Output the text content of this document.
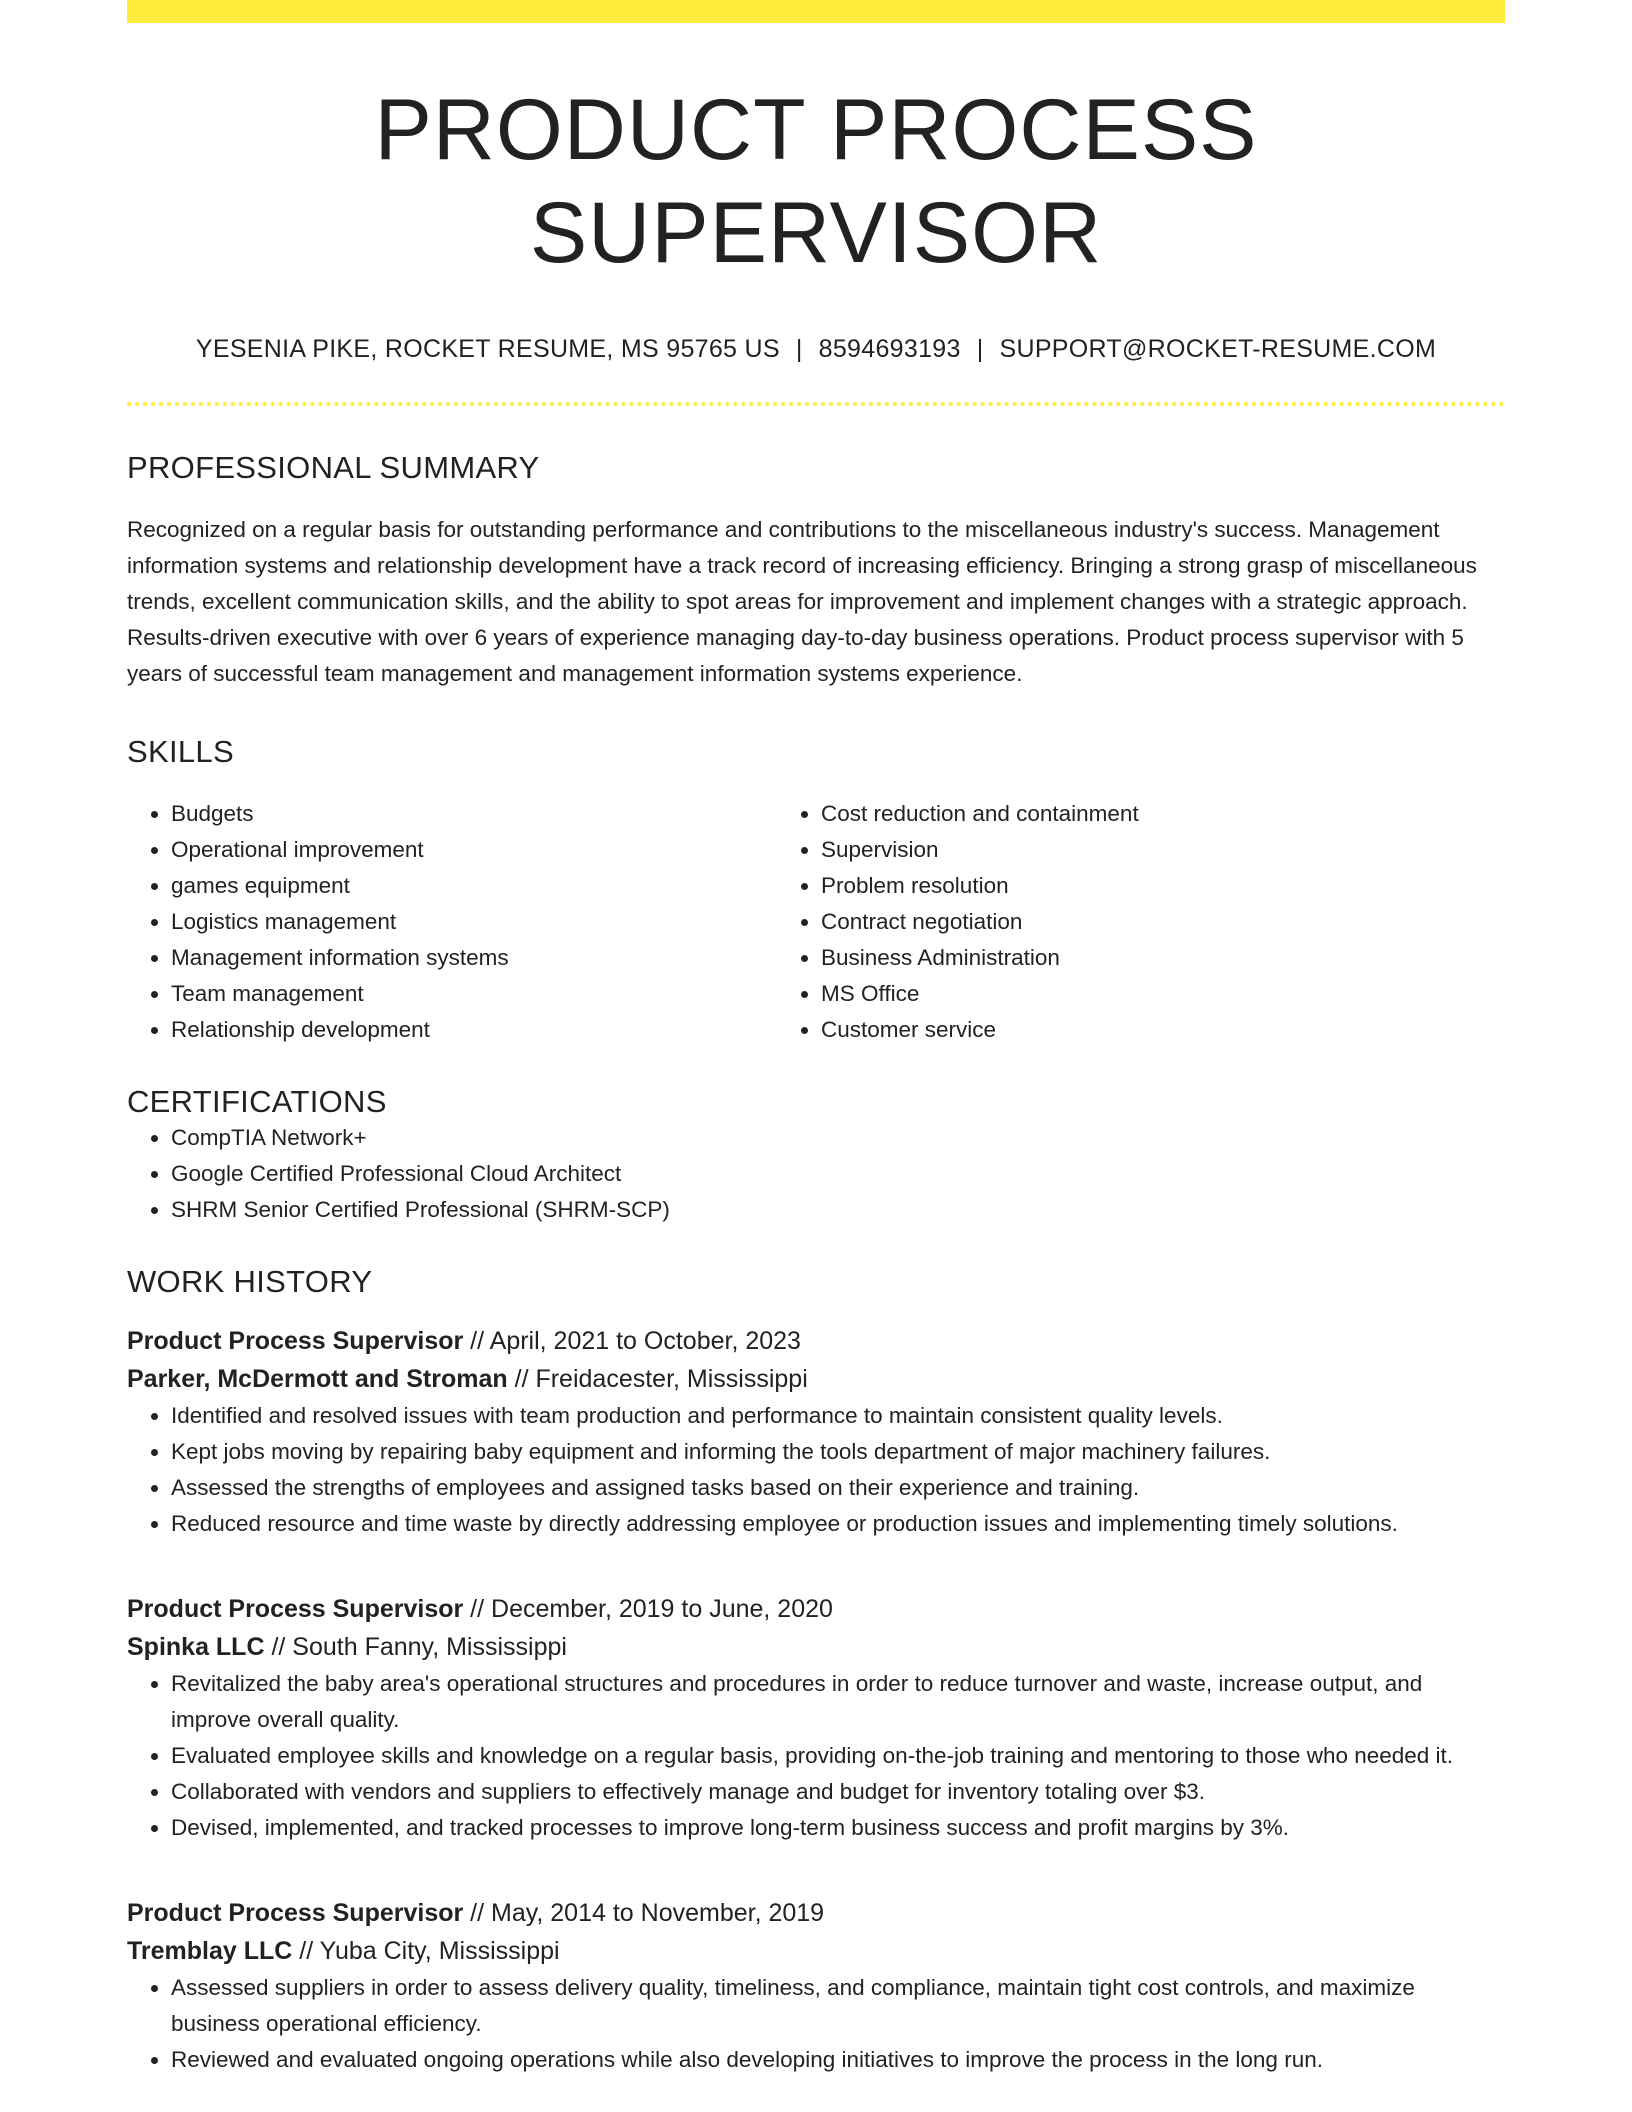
PRODUCT PROCESS SUPERVISOR
YESENIA PIKE, ROCKET RESUME, MS 95765 US | 8594693193 | SUPPORT@ROCKET-RESUME.COM
PROFESSIONAL SUMMARY

Recognized on a regular basis for outstanding performance and contributions to the miscellaneous industry's success. Management information systems and relationship development have a track record of increasing efficiency. Bringing a strong grasp of miscellaneous trends, excellent communication skills, and the ability to spot areas for improvement and implement changes with a strategic approach. Results-driven executive with over 6 years of experience managing day-to-day business operations. Product process supervisor with 5 years of successful team management and management information systems experience.

SKILLS
• Budgets
• Operational improvement
• games equipment
• Logistics management
• Management information systems
• Team management
• Relationship development
• Cost reduction and containment
• Supervision
• Problem resolution
• Contract negotiation
• Business Administration
• MS Office
• Customer service
CERTIFICATIONS
• CompTIA Network+
• Google Certified Professional Cloud Architect
• SHRM Senior Certified Professional (SHRM-SCP)
WORK HISTORY
Product Process Supervisor // April, 2021 to October, 2023
Parker, McDermott and Stroman // Freidacester, Mississippi
• Identified and resolved issues with team production and performance to maintain consistent quality levels.
• Kept jobs moving by repairing baby equipment and informing the tools department of major machinery failures.
• Assessed the strengths of employees and assigned tasks based on their experience and training.
• Reduced resource and time waste by directly addressing employee or production issues and implementing timely solutions.
Product Process Supervisor // December, 2019 to June, 2020
Spinka LLC // South Fanny, Mississippi
• Revitalized the baby area's operational structures and procedures in order to reduce turnover and waste, increase output, and improve overall quality.
• Evaluated employee skills and knowledge on a regular basis, providing on-the-job training and mentoring to those who needed it.
• Collaborated with vendors and suppliers to effectively manage and budget for inventory totaling over $3.
• Devised, implemented, and tracked processes to improve long-term business success and profit margins by 3%.
Product Process Supervisor // May, 2014 to November, 2019
Tremblay LLC // Yuba City, Mississippi
• Assessed suppliers in order to assess delivery quality, timeliness, and compliance, maintain tight cost controls, and maximize business operational efficiency.
• Reviewed and evaluated ongoing operations while also developing initiatives to improve the process in the long run.
